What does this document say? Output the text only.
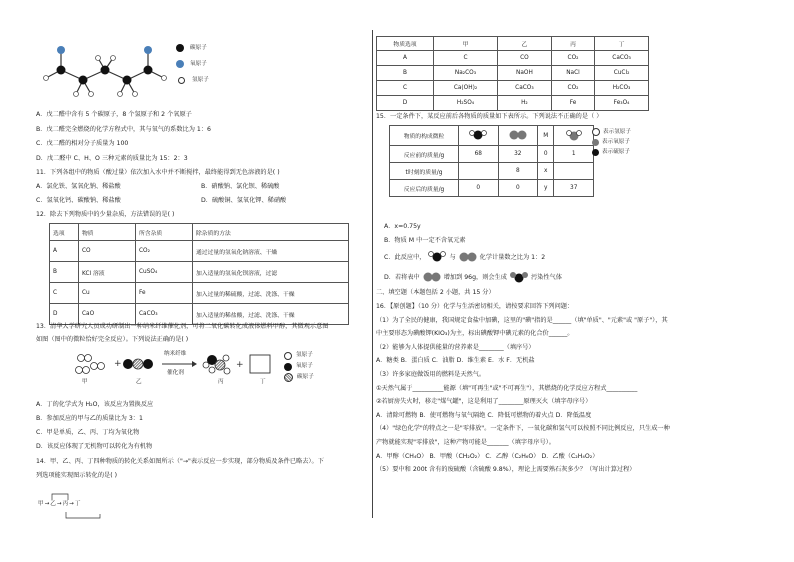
碳原子
氧原子
氢原子
A．戊二醛中含有 5 个碳原子，8 个氢原子和 2 个氧原子
B．戊二醛完全燃烧的化学方程式中，其与氧气的系数比为 1：6
C．戊二醛的相对分子质量为 100
D．戊二醛中 C、H、O 三种元素的质量比为 15：2：3
11．下列各组中的物质（酸过量）依次加入水中并不断搅拌，最终能得到无色溶液的是( )
A．氯化铁、氢氧化钠、稀盐酸	B．硝酸钠、氯化钡、稀硫酸
C．氢氧化钙、碳酸钠、稀盐酸	D．硫酸铜、氢氧化钾、稀硝酸
12．除去下列物质中的少量杂质，方法错误的是( )
选项	物质	所含杂质	除杂质的方法
A	CO	CO₂	通过过量的氢氧化钠溶液、干燥
B	KCl 溶液	CuSO₄	加入适量的氢氧化钡溶液，过滤
C	Cu	Fe	加入过量的稀硫酸，过滤、洗涤、干燥
D	CaO	CaCO₃	加入适量的稀盐酸，过滤、洗涤、干燥
13．清华大学研究人员成功研制出一种纳米纤维催化剂，可将二氧化碳转化成液体燃料甲醇，其微观示意图
如图（图中的微粒恰好完全反应）。下列说法正确的是( )
+	+
纳米纤维
催化剂
甲	乙	丙	丁
氢原子
氧原子
碳原子
A．丁的化学式为 H₂O，该反应为置换反应
B．参加反应的甲与乙的质量比为 3：1
C．甲是单质，乙、丙、丁均为氧化物
D．该反应体现了无机物可以转化为有机物
14．甲、乙、丙、丁四种物质的转化关系如图所示（"→"表示反应一步实现，部分物质及条件已略去）。下
列选项能实现图示转化的是( )
甲→乙→丙→丁
物质选项	甲	乙	丙	丁
A	C	CO	CO₂	CaCO₃
B	Na₂CO₃	NaOH	NaCl	CuCl₂
C	Ca(OH)₂	CaCO₃	CO₂	H₂CO₃
D	H₂SO₄	H₂	Fe	Fe₃O₄
15．一定条件下，某反应前后各物质的质量如下表所示。下列说法不正确的是（ ）
物质的构成微粒			M	
反应前的质量/g	68	32	0	1
t时刻的质量/g		8	x	
反应后的质量/g	0	0	y	37
表示氢原子
表示氧原子
表示硫原子
A．x=0.75y
B．物质 M 中一定不含氧元素
C．此反应中，	与	化学计量数之比为 1：2
D．若将表中	增加到 96g，则会生成	污染性气体
二、填空题（本题包括 2 小题，共 15 分）
16．【原创题】（10 分）化学与生活密切相关，请按要求回答下列问题：
（1）为了全民的健康，我国规定食盐中加碘，这里的"碘"指的是______（填"单质"、"元素"或 "原子"），其
中主要形态为碘酸钾(KIO₃)为主，标出碘酸钾中碘元素的化合价______。
（2）能够为人体提供能量的营养素是________（填序号）
A．糖类 B．蛋白质 C．油脂 D．维生素 E．水 F．无机盐
（3）许多家庭做饭用的燃料是天然气。
①天然气属于__________能源（填"可再生"或"不可再生"），其燃烧的化学反应方程式__________
②若厨房失火时，移走"煤气罐"，这是利用了________原理灭火（填字母序号）
A．清除可燃物 B．使可燃物与氧气隔绝 C．降低可燃物的着火点 D．降低温度
（4）"绿色化学"的特点之一是"零排放"。一定条件下，一氧化碳和氢气可以按照不同比例反应，只生成一种
产物就能实现"零排放"，这种产物可能是_______（填字母序号）。
A．甲醇（CH₄O） B．甲酸（CH₂O₂） C．乙醇（C₂H₆O） D．乙酸（C₂H₄O₂）
（5）要中和 200t 含有的废硫酸（含硫酸 9.8%），理论上需要熟石灰多少？（写出计算过程）
